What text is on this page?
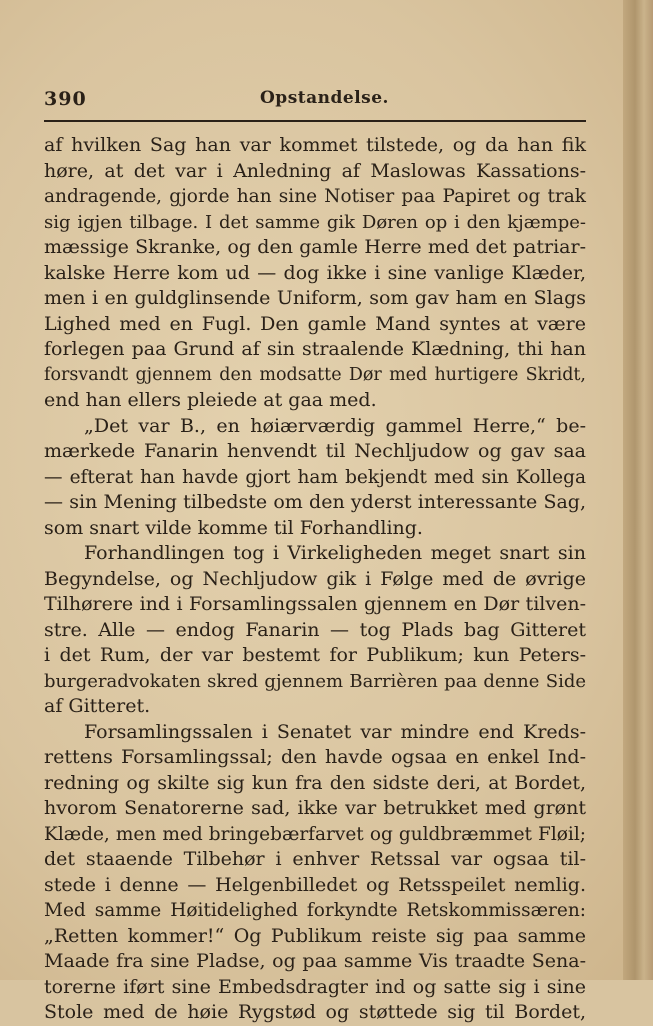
390	Opstandelse.
af hvilken Sag han var kommet tilstede, og da han fik
høre, at det var i Anledning af Maslowas Kassations-
andragende, gjorde han sine Notiser paa Papiret og trak
sig igjen tilbage. I det samme gik Døren op i den kjæmpe-
mæssige Skranke, og den gamle Herre med det patriar-
kalske Herre kom ud — dog ikke i sine vanlige Klæder,
men i en guldglinsende Uniform, som gav ham en Slags
Lighed med en Fugl. Den gamle Mand syntes at være
forlegen paa Grund af sin straalende Klædning, thi han
forsvandt gjennem den modsatte Dør med hurtigere Skridt,
end han ellers pleiede at gaa med.
„Det var B., en høiærværdig gammel Herre,“ be-
mærkede Fanarin henvendt til Nechljudow og gav saa
— efterat han havde gjort ham bekjendt med sin Kollega
— sin Mening tilbedste om den yderst interessante Sag,
som snart vilde komme til Forhandling.
Forhandlingen tog i Virkeligheden meget snart sin
Begyndelse, og Nechljudow gik i Følge med de øvrige
Tilhørere ind i Forsamlingssalen gjennem en Dør tilven-
stre. Alle — endog Fanarin — tog Plads bag Gitteret
i det Rum, der var bestemt for Publikum; kun Peters-
burgeradvokaten skred gjennem Barrièren paa denne Side
af Gitteret.
Forsamlingssalen i Senatet var mindre end Kreds-
rettens Forsamlingssal; den havde ogsaa en enkel Ind-
redning og skilte sig kun fra den sidste deri, at Bordet,
hvorom Senatorerne sad, ikke var betrukket med grønt
Klæde, men med bringebærfarvet og guldbræmmet Fløil;
det staaende Tilbehør i enhver Retssal var ogsaa til-
stede i denne — Helgenbilledet og Retsspeilet nemlig.
Med samme Høitidelighed forkyndte Retskommissæren:
„Retten kommer!“ Og Publikum reiste sig paa samme
Maade fra sine Pladse, og paa samme Vis traadte Sena-
torerne iført sine Embedsdragter ind og satte sig i sine
Stole med de høie Rygstød og støttede sig til Bordet,
